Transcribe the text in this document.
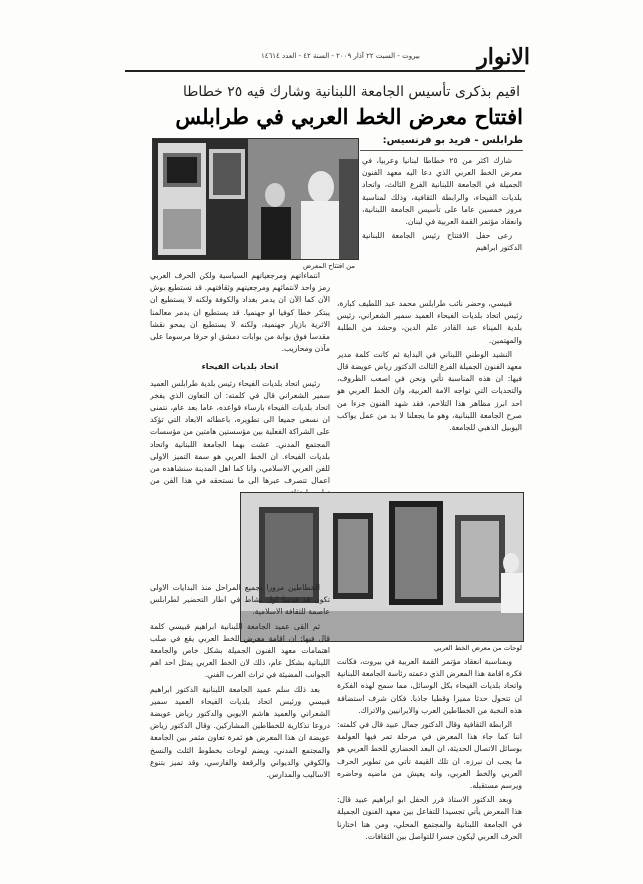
الانوار
بيروت - السبت ٢٢ آذار ٢٠٠٩ - السنة ٤٢ - العدد ١٤٦١٤
اقيم بذكرى تأسيس الجامعة اللبنانية وشارك فيه ٢٥ خطاطا
افتتاح معرض الخط العربي في طرابلس
طرابلس - فريد بو فرنسيس:
من افتتاح المعرض

شارك اكثر من ٢٥ خطاطا لبنانيا وعربيا، في معرض الخط العربي الذي دعا اليه معهد الفنون الجميلة في الجامعة اللبنانية الفرع الثالث، واتحاد بلديات الفيحاء، والرابطة الثقافية، وذلك لمناسبة مرور خمسين عاما على تأسيس الجامعة اللبنانية، وانعقاد مؤتمر القمة العربية في لبنان.

رعى حفل الافتتاح رئيس الجامعة اللبنانية الدكتور ابراهيم

قبيسي، وحضر نائب طرابلس محمد عبد اللطيف كبارة، رئيس اتحاد بلديات الفيحاء العميد سمير الشعراني، رئيس بلدية الميناء عبد القادر علم الدين، وحشد من الطلبة والمهتمين.

النشيد الوطني اللبناني في البداية ثم كانت كلمة مدير معهد الفنون الجميلة الفرع الثالث الدكتور رياض عويضة قال فيها: ان هذه المناسبة تأتي ونحن في اصعب الظروف، والتحديات التي تواجه الامة العربية، وان الخط العربي هو احد ابرز مظاهر هذا التلاحم، فقد شهد الفنون جزءا من صرح الجامعة اللبنانية، وهو ما يجعلنا لا بد من عمل يواكب اليوبيل الذهبي للجامعة.

انتماءاتهم ومرجعياتهم السياسية ولكن الحرف العربي رمز واحد لانتمائهم ومرجعيتهم وثقافتهم. قد نستطيع بوش الآن كما الآن ان يدمر بغداد والكوفة ولكنه لا يستطيع ان يبتكر خطا كوفيا او جهنميا. قد يستطيع ان يدمر معالمنا الاثرية بازيار جهنمية، ولكنه لا يستطيع ان يمحو نقشا مقدسا فوق بوابة من بوابات دمشق او حرفا مرسوما على مآذن ومحاريب.

اتحاد بلديات الفيحاء

رئيس اتحاد بلديات الفيحاء رئيس بلدية طرابلس العميد سمير الشعراني قال في كلمته: ان التعاون الذي يفخر اتحاد بلديات الفيحاء بارساء قواعده، عاما بعد عام، نتمنى ان نسعى جميعا الى تطويره، باعطائه الابعاد التي تؤكد على الشراكة الفعلية بين مؤسستين هامتين من مؤسسات المجتمع المدني. عشت بهما الجامعة اللبنانية واتحاد بلديات الفيحاء. ان الخط العربي هو سمة التميز الاولى للفن العربي الاسلامي، وانا كما اهل المدينة سنشاهده من اعمال تتصرف عبرها الى ما نستحقه في هذا الفن من

لوحات من معرض الخط العربي

وبمناسبة انعقاد مؤتمر القمة العربية في بيروت، فكانت فكرة اقامة هذا المعرض الذي دعمته رئاسة الجامعة اللبنانية واتحاد بلديات الفيحاء بكل الوسائل، مما سمح لهذه الفكرة ان تتحول حدثا مميزا وقطبا جاذبا. فكان شرف استضافة هذه النخبة من الخطاطين العرب والايرانيين والاتراك.

الرابطة الثقافية وقال الدكتور جمال عبيد قال في كلمته: اننا كما جاء هذا المعرض في مرحلة تمر فيها العولمة بوسائل الاتصال الحديثة، ان البعد الحضاري للخط العربي هو ما يجب ان نبرزه. ان تلك القيمة تأتي من تطوير الحرف العربي والخط العربي، وانه يعيش من ماضيه وحاضره ويرسم مستقبله.

وبعد الدكتور الاستاذ قرر الحفل ابو ابراهيم عبيد قال: هذا المعرض يأتي تجسيدا للتفاعل بين معهد الفنون الجميلة في الجامعة اللبنانية والمجتمع المحلي، ومن هنا اختارنا الحرف العربي ليكون جسرا للتواصل بين الثقافات.

الخطاطين مرورا بجميع المراحل منذ البدايات الاولى تكون قد قدمنا اول نشاط في اطار التحضير لطرابلس عاصمة للثقافة الاسلامية.

ثم القى عميد الجامعة اللبنانية ابراهيم قبيسي كلمة قال فيها: ان اقامة معرض للخط العربي يقع في صلب اهتمامات معهد الفنون الجميلة بشكل خاص والجامعة اللبنانية بشكل عام، ذلك لان الخط العربي يمثل احد اهم الجوانب المضيئة في تراث العرب الفني.

بعد ذلك سلم عميد الجامعة اللبنانية الدكتور ابراهيم قبيسي ورئيس اتحاد بلديات الفيحاء العميد سمير الشعراني والعميد هاشم الايوبي والدكتور رياض عويضة دروعا تذكارية للخطاطين المشاركين. وقال الدكتور رياض عويضة ان هذا المعرض هو ثمرة تعاون مثمر بين الجامعة والمجتمع المدني، ويضم لوحات بخطوط الثلث والنسخ والكوفي والديواني والرقعة والفارسي، وقد تميز بتنوع الاساليب والمدارس.
